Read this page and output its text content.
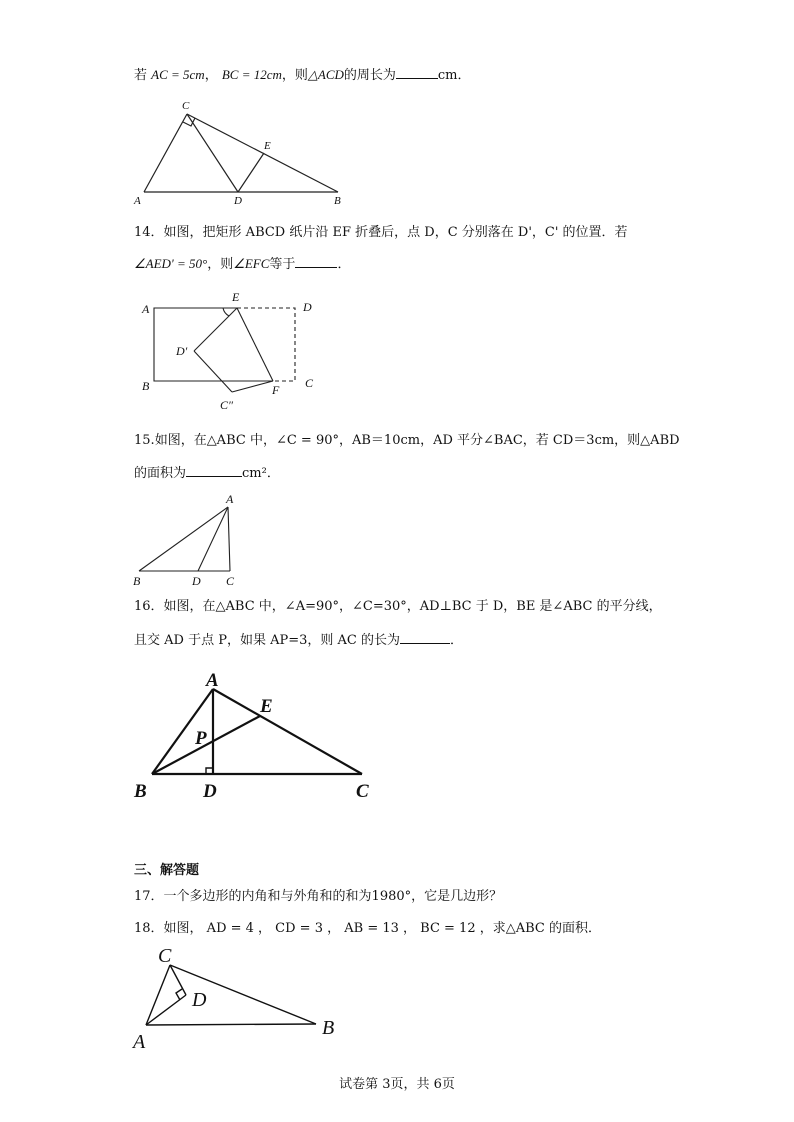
若 AC = 5cm， BC = 12cm，则△ACD的周长为	cm．
C
E
A	D	B
14．如图，把矩形 ABCD 纸片沿 EF 折叠后，点 D，C 分别落在 D'，C' 的位置．若
∠AED' = 50°，则∠EFC等于	．
A
E
D
D′
B	C
F
C″
15.如图，在△ABC 中，∠C = 90°，AB＝10cm，AD 平分∠BAC，若 CD＝3cm，则△ABD
的面积为	cm²．
A
B	D C
16．如图，在△ABC 中，∠A=90°，∠C=30°，AD⊥BC 于 D，BE 是∠ABC 的平分线，
且交 AD 于点 P，如果 AP=3，则 AC 的长为	．
A
E
P
B	D	C
三、解答题
17．一个多边形的内角和与外角和的和为1980°，它是几边形？
18．如图， AD = 4 ， CD = 3 ， AB = 13 ， BC = 12 ，求△ABC 的面积．
C
D
A
B
试卷第 3页，共 6页
